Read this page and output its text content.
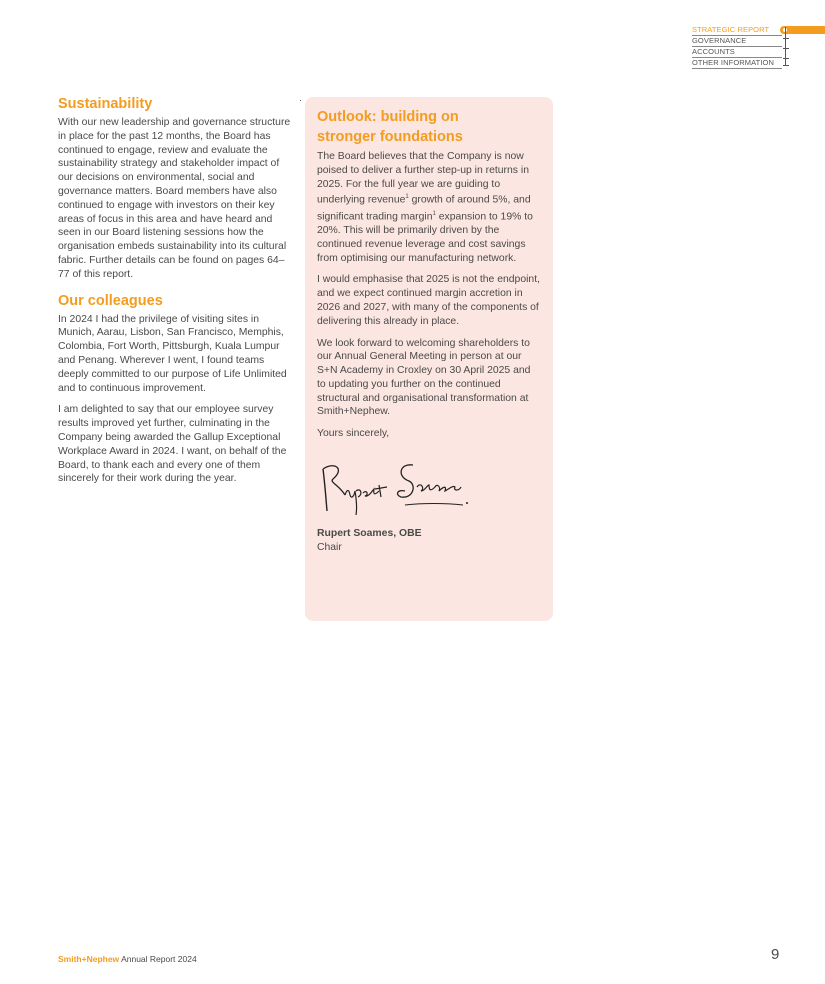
STRATEGIC REPORT
GOVERNANCE
ACCOUNTS
OTHER INFORMATION
Sustainability

With our new leadership and governance structure in place for the past 12 months, the Board has continued to engage, review and evaluate the sustainability strategy and stakeholder impact of our decisions on environmental, social and governance matters. Board members have also continued to engage with investors on their key areas of focus in this area and have heard and seen in our Board listening sessions how the organisation embeds sustainability into its cultural fabric. Further details can be found on pages 64–77 of this report.

Our colleagues

In 2024 I had the privilege of visiting sites in Munich, Aarau, Lisbon, San Francisco, Memphis, Colombia, Fort Worth, Pittsburgh, Kuala Lumpur and Penang. Wherever I went, I found teams deeply committed to our purpose of Life Unlimited and to continuous improvement.

I am delighted to say that our employee survey results improved yet further, culminating in the Company being awarded the Gallup Exceptional Workplace Award in 2024. I want, on behalf of the Board, to thank each and every one of them sincerely for their work during the year.

Outlook: building on
stronger foundations

The Board believes that the Company is now poised to deliver a further step-up in returns in 2025. For the full year we are guiding to underlying revenue$^1$ growth of around 5%, and significant trading margin$^1$ expansion to 19% to 20%. This will be primarily driven by the continued revenue leverage and cost savings from optimising our manufacturing network.

I would emphasise that 2025 is not the endpoint, and we expect continued margin accretion in 2026 and 2027, with many of the components of delivering this already in place.

We look forward to welcoming shareholders to our Annual General Meeting in person at our S+N Academy in Croxley on 30 April 2025 and to updating you further on the continued structural and organisational transformation at Smith+Nephew.

Yours sincerely,

Rupert Soames, OBE

Chair

Smith+Nephew Annual Report 2024	9
